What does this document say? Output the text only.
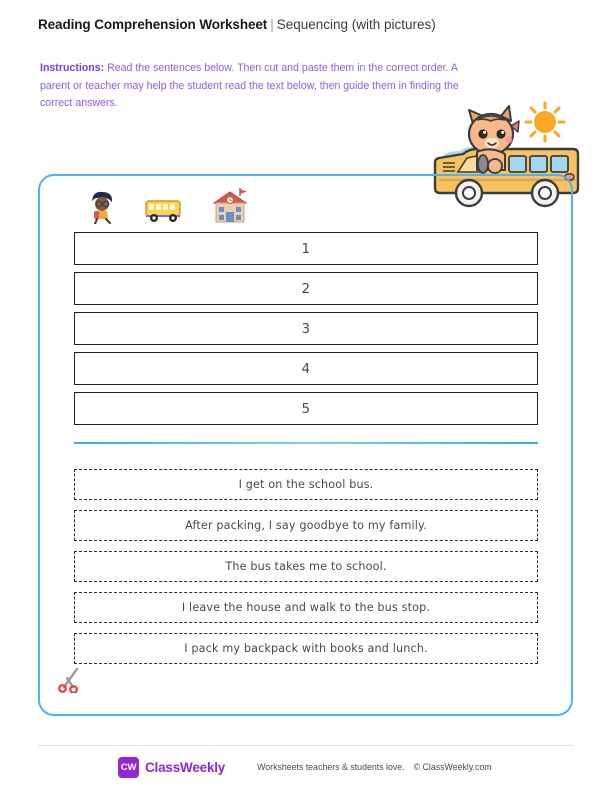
Reading Comprehension Worksheet | Sequencing (with pictures)
Instructions: Read the sentences below. Then cut and paste them in the correct order. A parent or teacher may help the student read the text below, then guide them in finding the correct answers.
1
2
3
4
5
I get on the school bus.
After packing, I say goodbye to my family.
The bus takes me to school.
I leave the house and walk to the bus stop.
I pack my backpack with books and lunch.
CW ClassWeekly	Worksheets teachers & students love. © ClassWeekly.com
